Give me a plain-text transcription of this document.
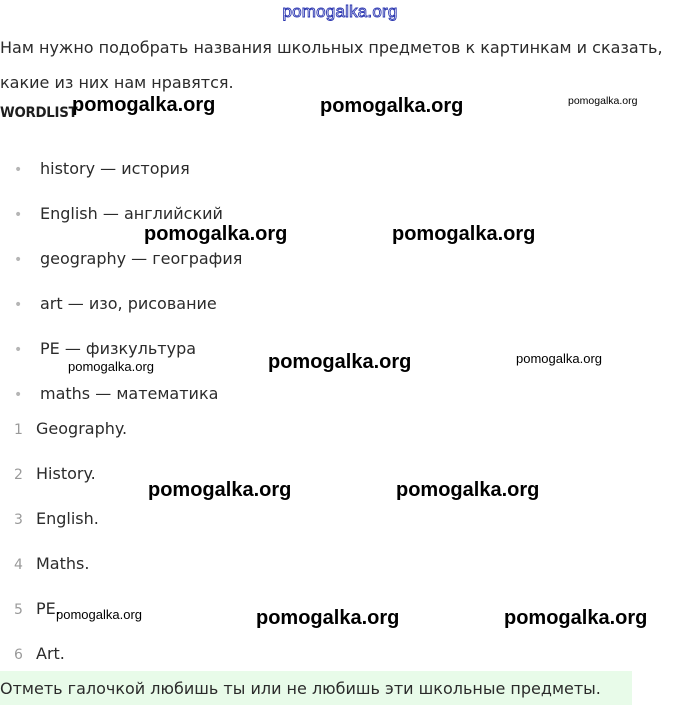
pomogalka.org
Нам нужно подобрать названия школьных предметов к картинкам и сказать, какие из них нам нравятся.
WORDLIST
• history — история
• English — английский
• geography — география
• art — изо, рисование
• PE — физкультура
• maths — математика
1 Geography.
2 History.
3 English.
4 Maths.
5 PE.
6 Art.
Отметь галочкой любишь ты или не любишь эти школьные предметы.
pomogalka.org	pomogalka.org	pomogalka.org
pomogalka.org	pomogalka.org
pomogalka.org	pomogalka.org	pomogalka.org
pomogalka.org	pomogalka.org
pomogalka.org	pomogalka.org	pomogalka.org
